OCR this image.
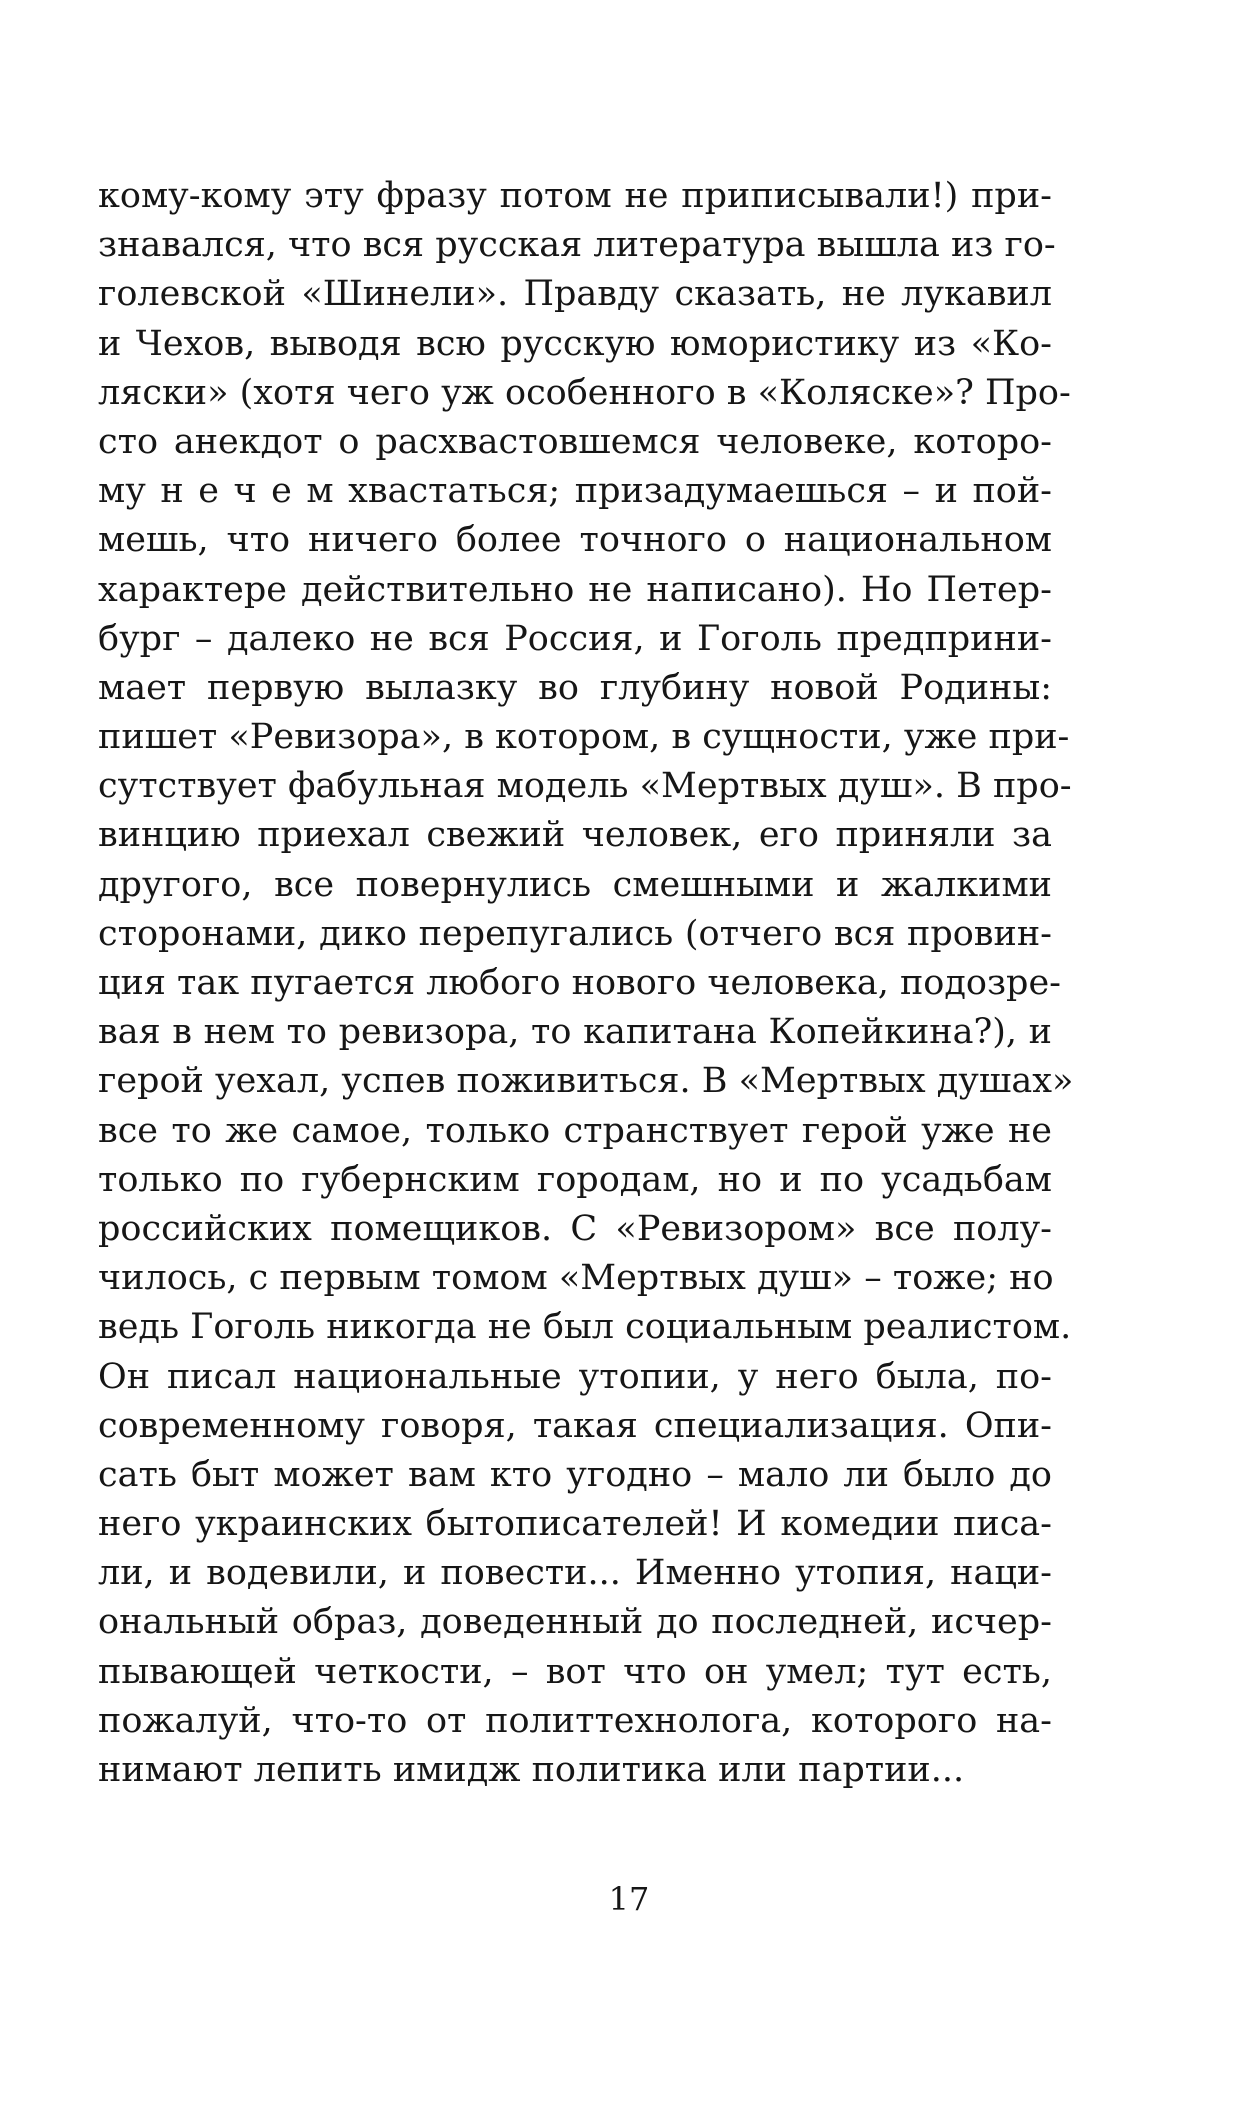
кому-кому эту фразу потом не приписывали!) при-
знавался, что вся русская литература вышла из го-
голевской «Шинели». Правду сказать, не лукавил
и Чехов, выводя всю русскую юмористику из «Ко-
ляски» (хотя чего уж особенного в «Коляске»? Про-
сто анекдот о расхвастовшемся человеке, которо-
му н е ч е м хвастаться; призадумаешься – и пой-
мешь, что ничего более точного о национальном
характере действительно не написано). Но Петер-
бург – далеко не вся Россия, и Гоголь предприни-
мает первую вылазку во глубину новой Родины:
пишет «Ревизора», в котором, в сущности, уже при-
сутствует фабульная модель «Мертвых душ». В про-
винцию приехал свежий человек, его приняли за
другого, все повернулись смешными и жалкими
сторонами, дико перепугались (отчего вся провин-
ция так пугается любого нового человека, подозре-
вая в нем то ревизора, то капитана Копейкина?), и
герой уехал, успев поживиться. В «Мертвых душах»
все то же самое, только странствует герой уже не
только по губернским городам, но и по усадьбам
российских помещиков. С «Ревизором» все полу-
чилось, с первым томом «Мертвых душ» – тоже; но
ведь Гоголь никогда не был социальным реалистом.
Он писал национальные утопии, у него была, по-
современному говоря, такая специализация. Опи-
сать быт может вам кто угодно – мало ли было до
него украинских бытописателей! И комедии писа-
ли, и водевили, и повести... Именно утопия, наци-
ональный образ, доведенный до последней, исчер-
пывающей четкости, – вот что он умел; тут есть,
пожалуй, что-то от политтехнолога, которого на-
нимают лепить имидж политика или партии...
17
